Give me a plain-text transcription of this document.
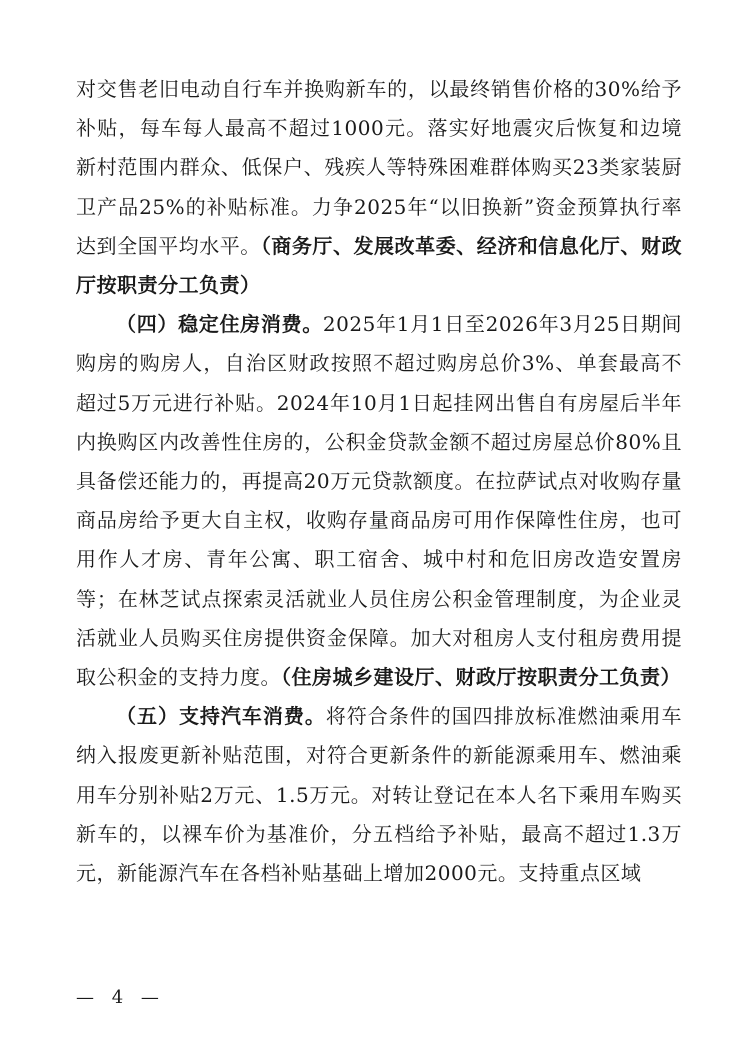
对交售老旧电动自行车并换购新车的，以最终销售价格的30%给予补贴，每车每人最高不超过1000元。落实好地震灾后恢复和边境新村范围内群众、低保户、残疾人等特殊困难群体购买23类家装厨卫产品25%的补贴标准。力争2025年“以旧换新”资金预算执行率达到全国平均水平。（商务厅、发展改革委、经济和信息化厅、财政厅按职责分工负责）

（四）稳定住房消费。2025年1月1日至2026年3月25日期间购房的购房人，自治区财政按照不超过购房总价3%、单套最高不超过5万元进行补贴。2024年10月1日起挂网出售自有房屋后半年内换购区内改善性住房的，公积金贷款金额不超过房屋总价80%且具备偿还能力的，再提高20万元贷款额度。在拉萨试点对收购存量商品房给予更大自主权，收购存量商品房可用作保障性住房，也可用作人才房、青年公寓、职工宿舍、城中村和危旧房改造安置房等；在林芝试点探索灵活就业人员住房公积金管理制度，为企业灵活就业人员购买住房提供资金保障。加大对租房人支付租房费用提取公积金的支持力度。（住房城乡建设厅、财政厅按职责分工负责）

（五）支持汽车消费。将符合条件的国四排放标准燃油乘用车纳入报废更新补贴范围，对符合更新条件的新能源乘用车、燃油乘用车分别补贴2万元、1.5万元。对转让登记在本人名下乘用车购买新车的，以裸车价为基准价，分五档给予补贴，最高不超过1.3万元，新能源汽车在各档补贴基础上增加2000元。支持重点区域

— 4 —
